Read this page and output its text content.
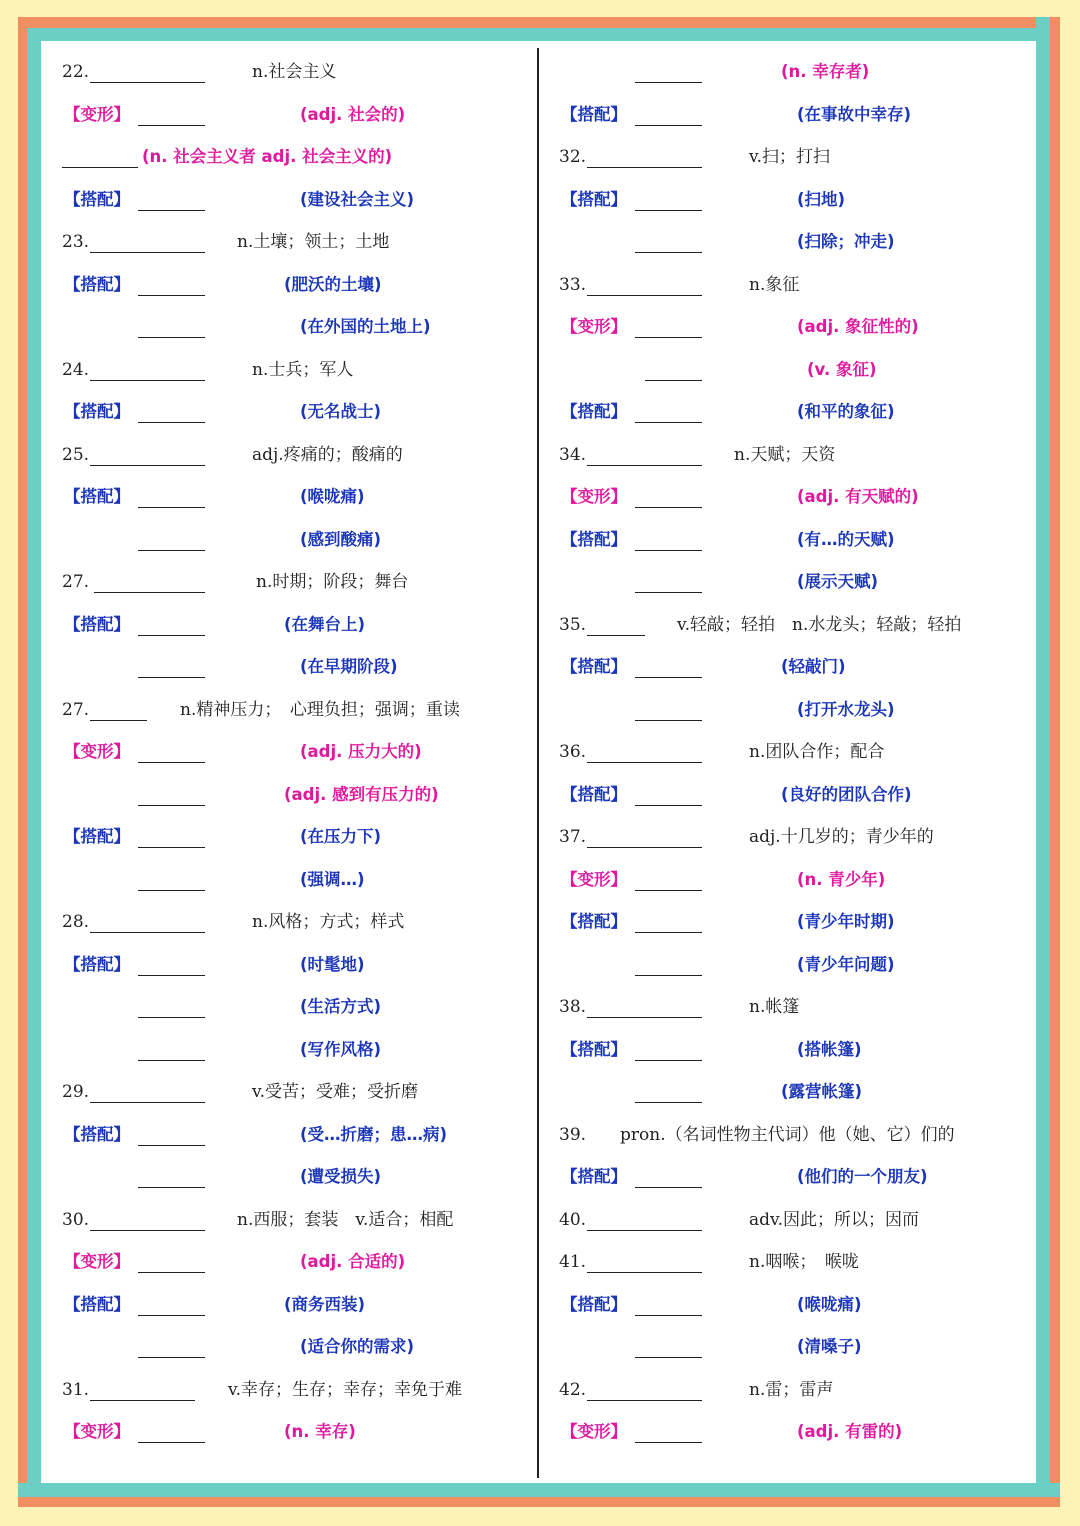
22.	n.社会主义
【变形】	(adj. 社会的)
(n. 社会主义者 adj. 社会主义的)
【搭配】	(建设社会主义)
23.	n.土壤；领土；土地
【搭配】	(肥沃的土壤)
(在外国的土地上)
24.	n.士兵；军人
【搭配】	(无名战士)
25.	adj.疼痛的；酸痛的
【搭配】	(喉咙痛)
(感到酸痛)
27.	n.时期；阶段；舞台
【搭配】	(在舞台上)
(在早期阶段)
27.	n.精神压力；　心理负担；强调；重读
【变形】	(adj. 压力大的)
(adj. 感到有压力的)
【搭配】	(在压力下)
(强调…)
28.	n.风格；方式；样式
【搭配】	(时髦地)
(生活方式)
(写作风格)
29.	v.受苦；受难；受折磨
【搭配】	(受…折磨；患…病)
(遭受损失)
30.	n.西服；套装　v.适合；相配
【变形】	(adj. 合适的)
【搭配】	(商务西装)
(适合你的需求)
31.	v.幸存；生存；幸存；幸免于难
【变形】	(n. 幸存)
(n. 幸存者)
【搭配】	(在事故中幸存)
32.	v.扫；打扫
【搭配】	(扫地)
(扫除；冲走)
33.	n.象征
【变形】	(adj. 象征性的)
(v. 象征)
【搭配】	(和平的象征)
34.	n.天赋；天资
【变形】	(adj. 有天赋的)
【搭配】	(有…的天赋)
(展示天赋)
35.	v.轻敲；轻拍　n.水龙头；轻敲；轻拍
【搭配】	(轻敲门)
(打开水龙头)
36.	n.团队合作；配合
【搭配】	(良好的团队合作)
37.	adj.十几岁的；青少年的
【变形】	(n. 青少年)
【搭配】	(青少年时期)
(青少年问题)
38.	n.帐篷
【搭配】	(搭帐篷)
(露营帐篷)
39. pron.（名词性物主代词）他（她、它）们的
【搭配】	(他们的一个朋友)
40.	adv.因此；所以；因而
41.	n.咽喉；　喉咙
【搭配】	(喉咙痛)
(清嗓子)
42.	n.雷；雷声
【变形】	(adj. 有雷的)
